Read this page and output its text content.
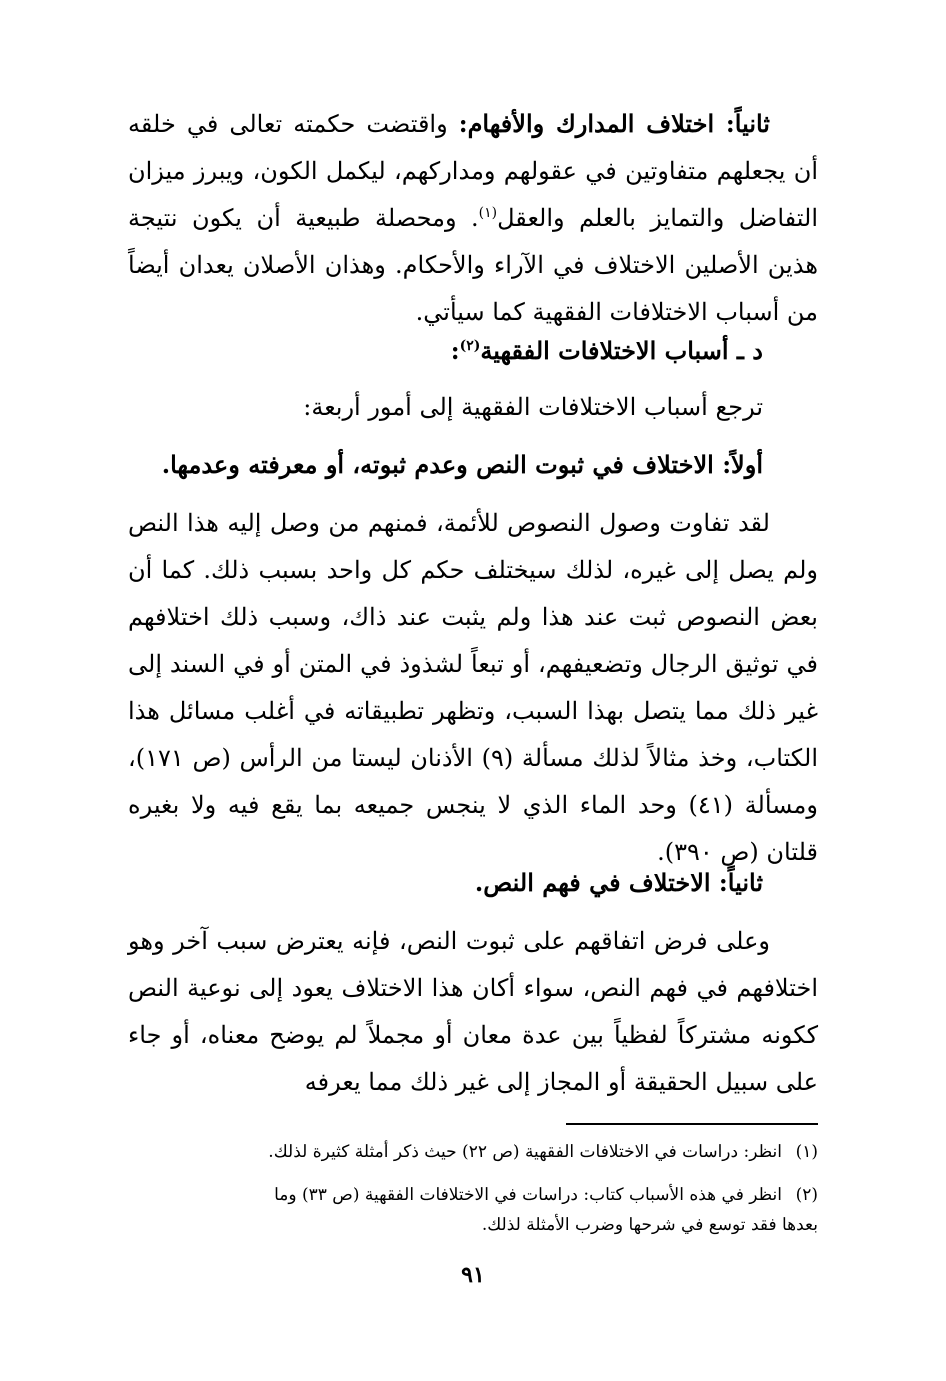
ثانياً: اختلاف المدارك والأفهام: واقتضت حكمته تعالى في خلقه أن يجعلهم متفاوتين في عقولهم ومداركهم، ليكمل الكون، ويبرز ميزان التفاضل والتمايز بالعلم والعقل$^{(١)}$. ومحصلة طبيعية أن يكون نتيجة هذين الأصلين الاختلاف في الآراء والأحكام. وهذان الأصلان يعدان أيضاً من أسباب الاختلافات الفقهية كما سيأتي.

د ـ أسباب الاختلافات الفقهية$^{(٢)}$:

ترجع أسباب الاختلافات الفقهية إلى أمور أربعة:

أولاً: الاختلاف في ثبوت النص وعدم ثبوته، أو معرفته وعدمها.

لقد تفاوت وصول النصوص للأئمة، فمنهم من وصل إليه هذا النص ولم يصل إلى غيره، لذلك سيختلف حكم كل واحد بسبب ذلك. كما أن بعض النصوص ثبت عند هذا ولم يثبت عند ذاك، وسبب ذلك اختلافهم في توثيق الرجال وتضعيفهم، أو تبعاً لشذوذ في المتن أو في السند إلى غير ذلك مما يتصل بهذا السبب، وتظهر تطبيقاته في أغلب مسائل هذا الكتاب، وخذ مثالاً لذلك مسألة (٩) الأذنان ليستا من الرأس (ص ١٧١)، ومسألة (٤١) وحد الماء الذي لا ينجس جميعه بما يقع فيه ولا بغيره قلتان (ص ٣٩٠).

ثانياً: الاختلاف في فهم النص.

وعلى فرض اتفاقهم على ثبوت النص، فإنه يعترض سبب آخر وهو اختلافهم في فهم النص، سواء أكان هذا الاختلاف يعود إلى نوعية النص ككونه مشتركاً لفظياً بين عدة معان أو مجملاً لم يوضح معناه، أو جاء على سبيل الحقيقة أو المجاز إلى غير ذلك مما يعرفه

(١)انظر: دراسات في الاختلافات الفقهية (ص ٢٢) حيث ذكر أمثلة كثيرة لذلك.

(٢)انظر في هذه الأسباب كتاب: دراسات في الاختلافات الفقهية (ص ٣٣) وما

بعدها فقد توسع في شرحها وضرب الأمثلة لذلك.

٩١
